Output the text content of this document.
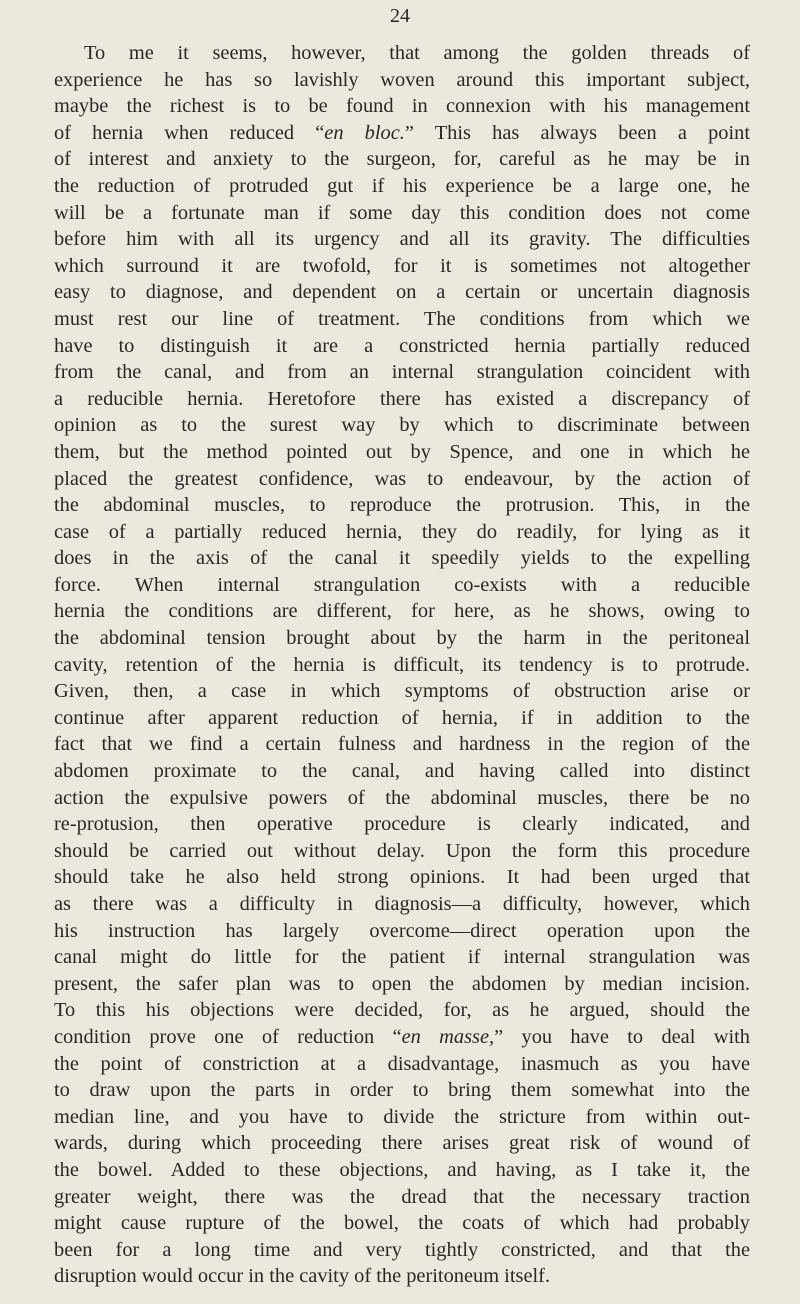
24
To me it seems, however, that among the golden threads of
experience he has so lavishly woven around this important subject,
maybe the richest is to be found in connexion with his management
of hernia when reduced “en bloc.” This has always been a point
of interest and anxiety to the surgeon, for, careful as he may be in
the reduction of protruded gut if his experience be a large one, he
will be a fortunate man if some day this condition does not come
before him with all its urgency and all its gravity. The difficulties
which surround it are twofold, for it is sometimes not altogether
easy to diagnose, and dependent on a certain or uncertain diagnosis
must rest our line of treatment. The conditions from which we
have to distinguish it are a constricted hernia partially reduced
from the canal, and from an internal strangulation coincident with
a reducible hernia. Heretofore there has existed a discrepancy of
opinion as to the surest way by which to discriminate between
them, but the method pointed out by Spence, and one in which he
placed the greatest confidence, was to endeavour, by the action of
the abdominal muscles, to reproduce the protrusion. This, in the
case of a partially reduced hernia, they do readily, for lying as it
does in the axis of the canal it speedily yields to the expelling
force. When internal strangulation co-exists with a reducible
hernia the conditions are different, for here, as he shows, owing to
the abdominal tension brought about by the harm in the peritoneal
cavity, retention of the hernia is difficult, its tendency is to protrude.
Given, then, a case in which symptoms of obstruction arise or
continue after apparent reduction of hernia, if in addition to the
fact that we find a certain fulness and hardness in the region of the
abdomen proximate to the canal, and having called into distinct
action the expulsive powers of the abdominal muscles, there be no
re-protusion, then operative procedure is clearly indicated, and
should be carried out without delay. Upon the form this procedure
should take he also held strong opinions. It had been urged that
as there was a difficulty in diagnosis—a difficulty, however, which
his instruction has largely overcome—direct operation upon the
canal might do little for the patient if internal strangulation was
present, the safer plan was to open the abdomen by median incision.
To this his objections were decided, for, as he argued, should the
condition prove one of reduction “en masse,” you have to deal with
the point of constriction at a disadvantage, inasmuch as you have
to draw upon the parts in order to bring them somewhat into the
median line, and you have to divide the stricture from within out-
wards, during which proceeding there arises great risk of wound of
the bowel. Added to these objections, and having, as I take it, the
greater weight, there was the dread that the necessary traction
might cause rupture of the bowel, the coats of which had probably
been for a long time and very tightly constricted, and that the
disruption would occur in the cavity of the peritoneum itself.
